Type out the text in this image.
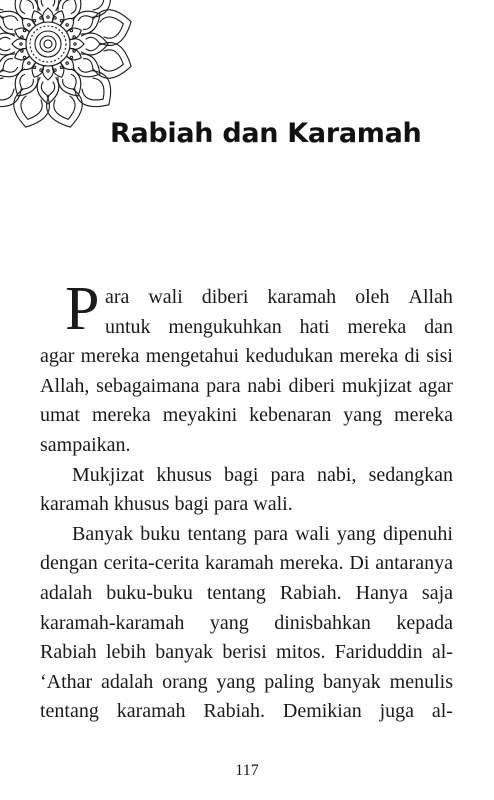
Rabiah dan Karamah
P ara wali diberi karamah oleh Allah
untuk mengukuhkan hati mereka dan
agar mereka mengetahui kedudukan mereka di sisi
Allah, sebagaimana para nabi diberi mukjizat agar
umat mereka meyakini kebenaran yang mereka
sampaikan.
Mukjizat khusus bagi para nabi, sedangkan
karamah
khusus
bagi
para
wali.
Banyak buku tentang para wali yang dipenuhi
dengan cerita-cerita karamah mereka. Di antaranya
adalah buku-buku tentang Rabiah. Hanya saja
karamah-karamah yang dinisbahkan kepada
Rabiah lebih banyak berisi mitos. Fariduddin al-
‘Athar adalah orang yang paling banyak menulis
tentang karamah Rabiah. Demikian juga al-
117
